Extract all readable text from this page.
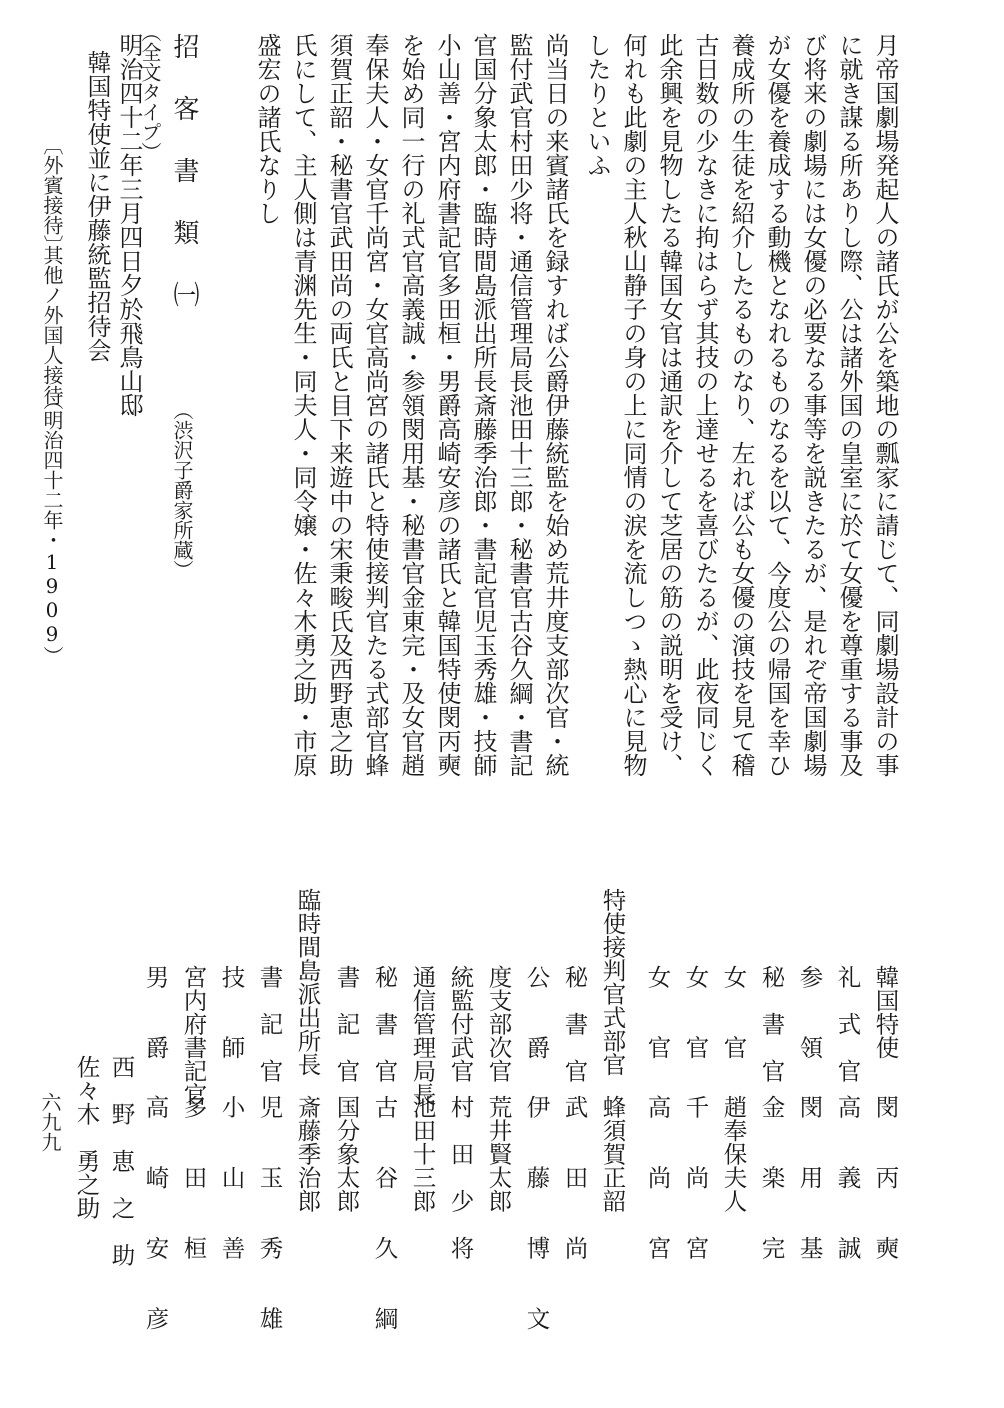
月帝国劇場発起人の諸氏が公を築地の瓢家に請じて、同劇場設計の事

に就き謀る所ありし際、公は諸外国の皇室に於て女優を尊重する事及

び将来の劇場には女優の必要なる事等を説きたるが、是れぞ帝国劇場

が女優を養成する動機となれるものなるを以て、今度公の帰国を幸ひ

養成所の生徒を紹介したるものなり、左れば公も女優の演技を見て稽

古日数の少なきに拘はらず其技の上達せるを喜びたるが、此夜同じく

此余興を見物したる韓国女官は通訳を介して芝居の筋の説明を受け、

何れも此劇の主人秋山静子の身の上に同情の涙を流しつゝ熱心に見物

したりといふ

尚当日の来賓諸氏を録すれば公爵伊藤統監を始め荒井度支部次官・統

監付武官村田少将・通信管理局長池田十三郎・秘書官古谷久綱・書記

官国分象太郎・臨時間島派出所長斎藤季治郎・書記官児玉秀雄・技師

小山善・宮内府書記官多田桓・男爵高崎安彦の諸氏と韓国特使閔丙奭

を始め同一行の礼式官高義誠・参領閔用基・秘書官金東完・及女官趙

奉保夫人・女官千尚宮・女官高尚宮の諸氏と特使接判官たる式部官蜂

須賀正韶・秘書官武田尚の両氏と目下来遊中の宋秉畯氏及西野恵之助

氏にして、主人側は青渊先生・同夫人・同令嬢・佐々木勇之助・市原

盛宏の諸氏なりし

（渋沢子爵家所蔵）

招 客 書 類 ㈠

（全文タイプ）

明治四十二年三月四日夕於飛鳥山邸

韓国特使並に伊藤統監招待会

〔外賓接待〕

其他ノ外国人接待

（明治四十二年・1909）

韓国特使
閔　　丙　　奭
礼　式　官
高　　義　　誠
参　　領
閔　　用　　基
秘　書　官
金　　楽　　完
女　　官
趙奉保夫人
女　　官
千　　尚　　宮
女　　官
高　　尚　　宮
特使接判官式部官
蜂須賀正韶
秘　書　官
武　　田　　尚
公　　爵
伊　　藤　　博　　文
度支部次官
荒井賢太郎
統監付武官
村　田　少　将
通信管理局長
池田十三郎
秘　書　官
古　　谷　　久　　綱
書　記　官
国分象太郎
臨時間島派出所長
斎藤季治郎
書　記　官
児　　玉　　秀　　雄
技　　師
小　　山　　善
宮内府書記官
多　　田　　桓
男　　爵
高　　崎　　安　　彦
西　野　恵　之　助
佐々木　勇之助

六九九
